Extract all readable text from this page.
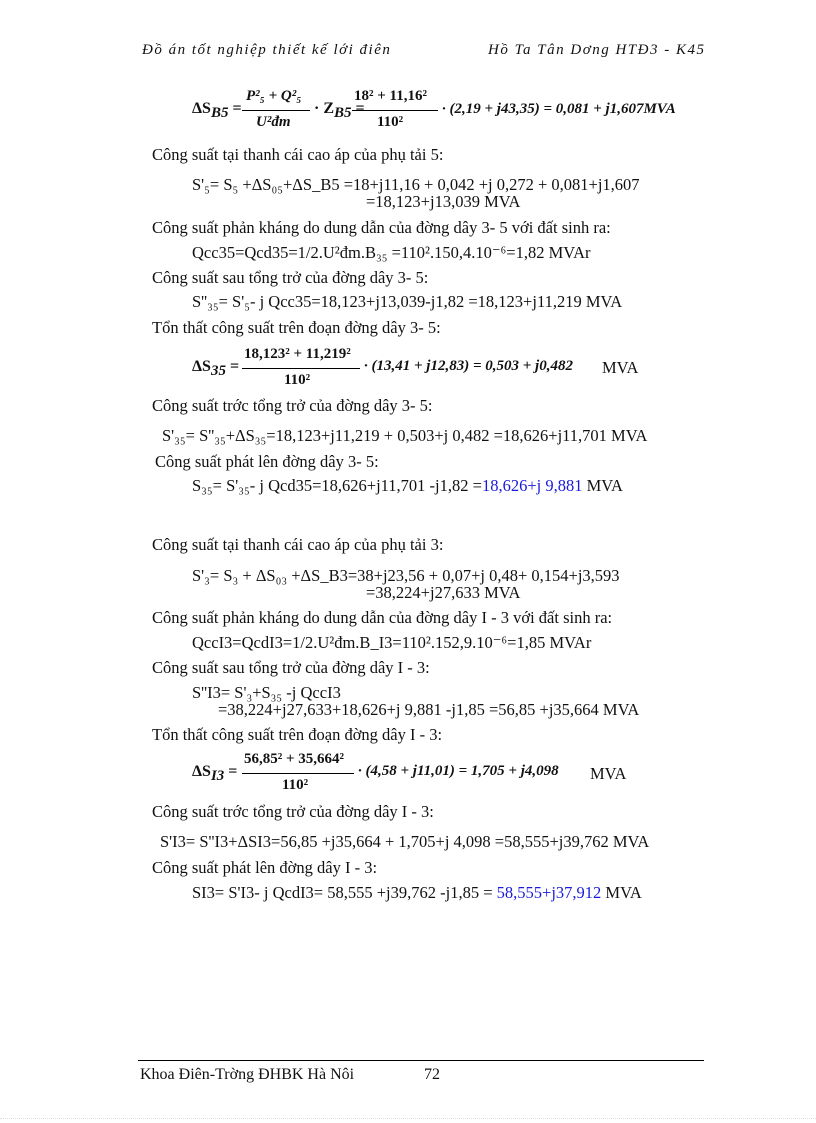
Đồ án tốt nghiệp thiết kế lới điên	Hồ Ta Tân Dơng HTĐ3 - K45
$\Delta S_{B5}$ =
P²₅ + Q²₅
U²đm
· $Z_{B5}$ =
18² + 11,16²
110²
· (2,19 + j43,35) = 0,081 + j1,607MVA
Công suất tại thanh cái cao áp của phụ tải 5:
S'₅= S₅ +ΔS₀₅+ΔS_B5 =18+j11,16 + 0,042 +j 0,272 + 0,081+j1,607
=18,123+j13,039 MVA
Công suất phản kháng do dung dẫn của đờng dây 3- 5 với đất sinh ra:
Qcc35=Qcd35=1/2.U²đm.B₃₅ =110².150,4.10⁻⁶=1,82 MVAr
Công suất sau tổng trở của đờng dây 3- 5:
S''₃₅= S'₅- j Qcc35=18,123+j13,039-j1,82 =18,123+j11,219 MVA
Tổn thất công suất trên đoạn đờng dây 3- 5:
$\Delta S_{35}$ =
18,123² + 11,219²
110²
· (13,41 + j12,83) = 0,503 + j0,482 MVA
Công suất trớc tổng trở của đờng dây 3- 5:
S'₃₅= S''₃₅+ΔS₃₅=18,123+j11,219 + 0,503+j 0,482 =18,626+j11,701 MVA
Công suất phát lên đờng dây 3- 5:
S₃₅= S'₃₅- j Qcd35=18,626+j11,701 -j1,82 =18,626+j 9,881 MVA
Công suất tại thanh cái cao áp của phụ tải 3:
S'₃= S₃ + ΔS₀₃ +ΔS_B3=38+j23,56 + 0,07+j 0,48+ 0,154+j3,593
=38,224+j27,633 MVA
Công suất phản kháng do dung dẫn của đờng dây I - 3 với đất sinh ra:
QccI3=QcdI3=1/2.U²đm.B_I3=110².152,9.10⁻⁶=1,85 MVAr
Công suất sau tổng trở của đờng dây I - 3:
S''I3= S'₃+S₃₅ -j QccI3
=38,224+j27,633+18,626+j 9,881 -j1,85 =56,85 +j35,664 MVA
Tổn thất công suất trên đoạn đờng dây I - 3:
$\Delta S_{I3}$ =
56,85² + 35,664²
110²
· (4,58 + j11,01) = 1,705 + j4,098 MVA
Công suất trớc tổng trở của đờng dây I - 3:
S'I3= S''I3+ΔSI3=56,85 +j35,664 + 1,705+j 4,098 =58,555+j39,762 MVA
Công suất phát lên đờng dây I - 3:
SI3= S'I3- j QcdI3= 58,555 +j39,762 -j1,85 = 58,555+j37,912 MVA
Khoa Điên-Trờng ĐHBK Hà Nôi	72
